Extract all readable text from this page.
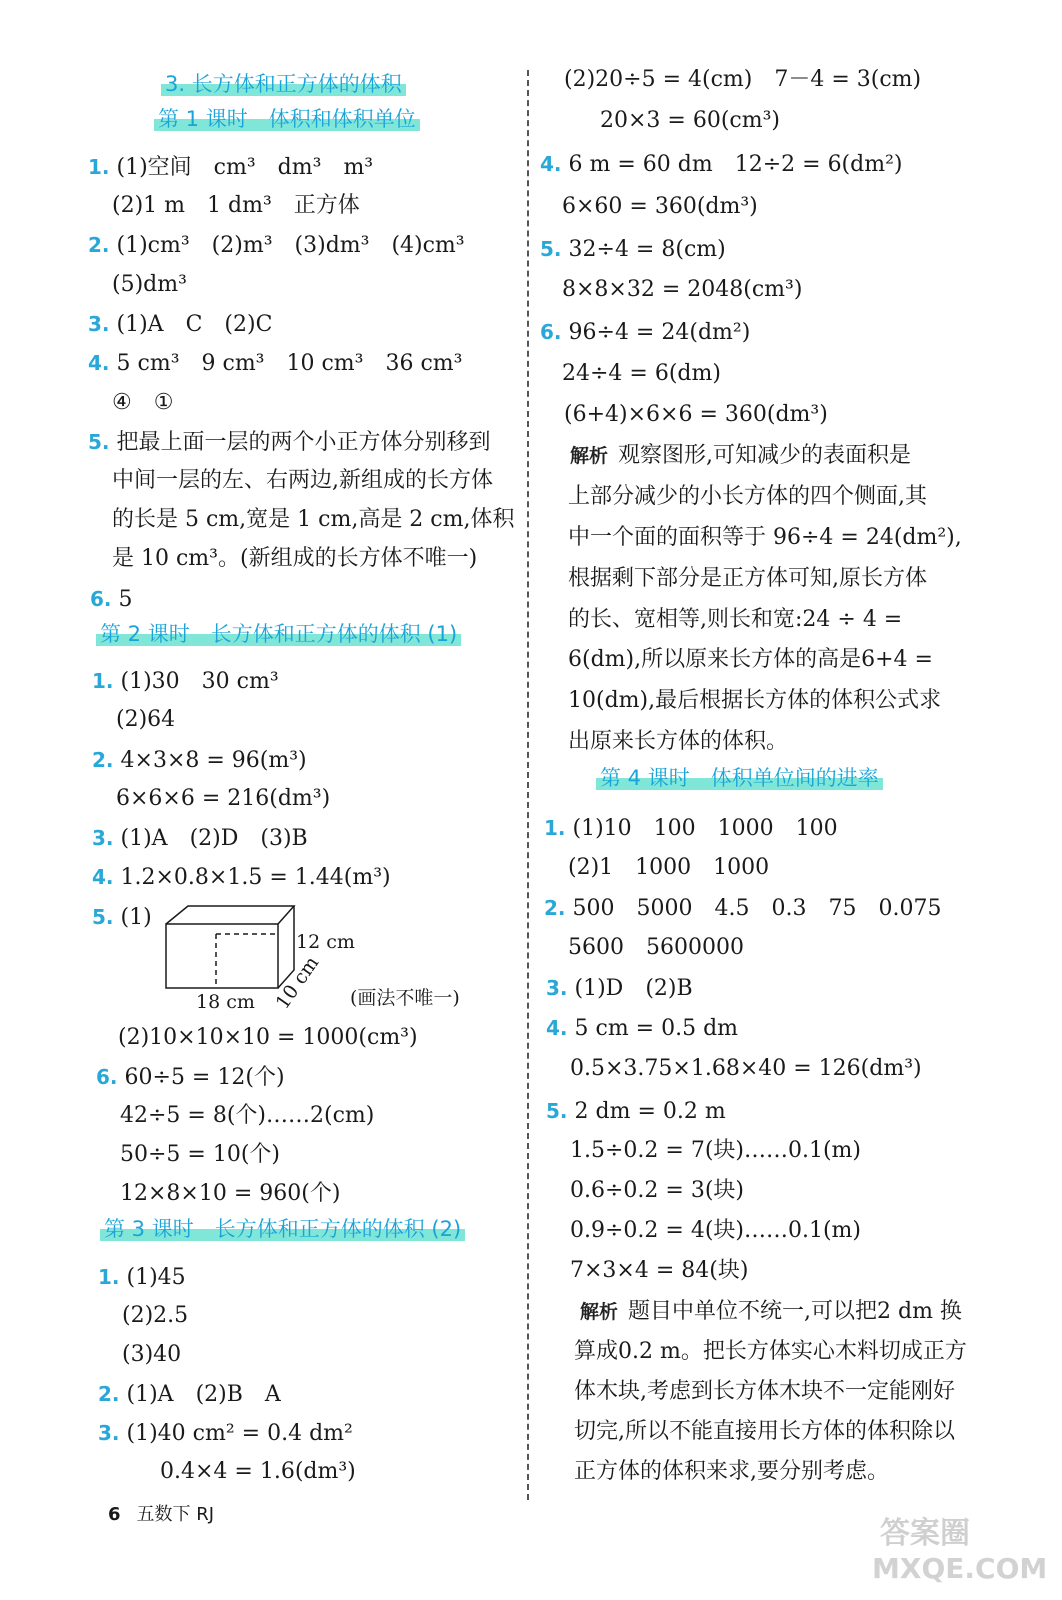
3. 长方体和正方体的体积
第 1 课时　体积和体积单位
1. (1)空间　cm³　dm³　m³
(2)1 m　1 dm³　正方体
2. (1)cm³　(2)m³　(3)dm³　(4)cm³
(5)dm³
3. (1)A　C　(2)C
4. 5 cm³　9 cm³　10 cm³　36 cm³
④　①
5. 把最上面一层的两个小正方体分别移到
中间一层的左、右两边,新组成的长方体
的长是 5 cm,宽是 1 cm,高是 2 cm,体积
是 10 cm³。(新组成的长方体不唯一)
6. 5
第 2 课时　长方体和正方体的体积 (1)
1. (1)30　30 cm³
(2)64
2. 4×3×8 = 96(m³)
6×6×6 = 216(dm³)
3. (1)A　(2)D　(3)B
4. 1.2×0.8×1.5 = 1.44(m³)
5. (1)
12 cm
18 cm 10 cm (画法不唯一)
(2)10×10×10 = 1000(cm³)
6. 60÷5 = 12(个)
42÷5 = 8(个)……2(cm)
50÷5 = 10(个)
12×8×10 = 960(个)
第 3 课时　长方体和正方体的体积 (2)
1. (1)45
(2)2.5
(3)40
2. (1)A　(2)B　A
3. (1)40 cm² = 0.4 dm²
0.4×4 = 1.6(dm³)
(2)20÷5 = 4(cm)　7－4 = 3(cm)
20×3 = 60(cm³)
4. 6 m = 60 dm　12÷2 = 6(dm²)
6×60 = 360(dm³)
5. 32÷4 = 8(cm)
8×8×32 = 2048(cm³)
6. 96÷4 = 24(dm²)
24÷4 = 6(dm)
(6+4)×6×6 = 360(dm³)
解析 观察图形,可知减少的表面积是
上部分减少的小长方体的四个侧面,其
中一个面的面积等于 96÷4 = 24(dm²),
根据剩下部分是正方体可知,原长方体
的长、宽相等,则长和宽:24 ÷ 4 =
6(dm),所以原来长方体的高是6+4 =
10(dm),最后根据长方体的体积公式求
出原来长方体的体积。
第 4 课时　体积单位间的进率
1. (1)10　100　1000　100
(2)1　1000　1000
2. 500　5000　4.5　0.3　75　0.075
5600　5600000
3. (1)D　(2)B
4. 5 cm = 0.5 dm
0.5×3.75×1.68×40 = 126(dm³)
5. 2 dm = 0.2 m
1.5÷0.2 = 7(块)……0.1(m)
0.6÷0.2 = 3(块)
0.9÷0.2 = 4(块)……0.1(m)
7×3×4 = 84(块)
解析 题目中单位不统一,可以把2 dm 换
算成0.2 m。把长方体实心木料切成正方
体木块,考虑到长方体木块不一定能刚好
切完,所以不能直接用长方体的体积除以
正方体的体积来求,要分别考虑。
6 五数下 RJ
答案圈
MXQE.COM
